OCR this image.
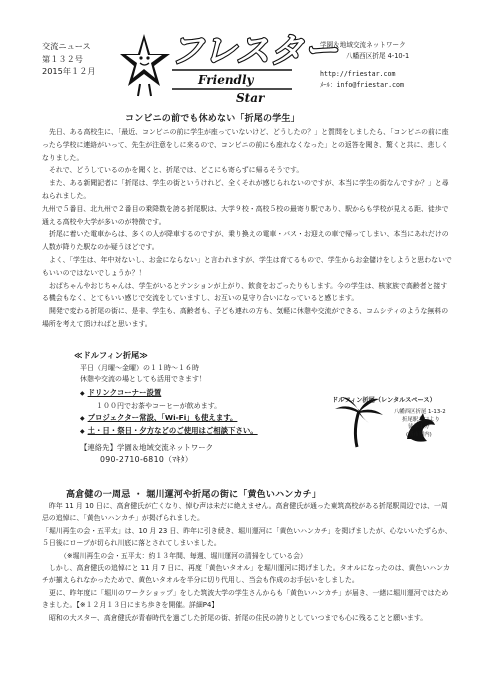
交流ニュース
第１３２号
2015年１２月 フレスター
Friendly
Star
学園＆地域交流ネットワーク
八幡西区折尾 4-10-1
http://friestar.com
ﾒｰﾙ：info@friestar.com
コンビニの前でも休めない「折尾の学生」

先日、ある高校生に、「最近、コンビニの前に学生が座っていないけど、どうしたの？」と質問をしましたら、「コンビニの前に座ったら学校に連絡がいって、先生が注意をしに来るので、コンビニの前にも座れなくなった」との返答を聞き、驚くと共に、悲しくなりました。

それで、どうしているのかを聞くと、折尾では、どこにも寄らずに帰るそうです。

また、ある新聞記者に「折尾は、学生の街というけれど、全くそれが感じられないのですが、本当に学生の街なんですか？」と尋ねられました。

九州で５番目、北九州で２番目の乗降数を誇る折尾駅は、大学９校・高校５校の最寄り駅であり、駅からも学校が見える距、徒歩で通える高校や大学が多いのが特徴です。

折尾に着いた電車からは、多くの人が降車するのですが、乗り換えの電車・バス・お迎えの車で帰ってしまい、本当にあれだけの人数が降りた駅なのか疑うほどです。

よく、「学生は、年中対ないし、お金にならない」と言われますが、学生は育てるもので、学生からお金儲けをしようと思わないでもいいのではないでしょうか？！

おばちゃんやおじちゃんは、学生がいるとテンションが上がり、飲食をおごったりもします。今の学生は、核家族で高齢者と接する機会もなく、とてもいい感じで交流をしていますし、お互いの見守り合いになっていると感じます。

開発で変わる折尾の街に、是非、学生も、高齢者も、子ども連れの方も、気軽に休憩や交流ができる、コムシティのような無料の場所を考えて頂ければと思います。

≪ドルフィン折尾≫
平日（月曜～金曜）の１１時～１６時
休憩や交流の場としても活用できます！
◆ ドリンクコーナー設置
１００円でお茶やコーヒーが飲めます。
◆ プロジェクター常設、「Wi-Fi」も使えます。
◆ 土・日・祭日・夕方などのご使用はご相談下さい。
【連絡先】学園＆地域交流ネットワーク
090-2710-6810（ﾏｷﾀ）
ドルフィン折尾（レンタルスペース）
八幡西区折尾 1-13-2
折尾駅北口より
徒歩１分
(新市場内)
高倉健の一周忌 ・ 堀川運河や折尾の街に「黄色いハンカチ」

昨年 11 月 10 日に、高倉健氏が亡くなり、悼む声は未だに絶えません。高倉健氏が通った東筑高校がある折尾駅周辺では、一周忌の追悼に、「黄色いハンカチ」が掲げられました。

「堀川再生の会・五平太」は、10 月 23 日、昨年に引き続き、堀川運河に「黄色いハンカチ」を掲げましたが、心ないいたずらか、５日後にロープが切られ川底に落とされてしまいました。

（※堀川再生の会・五平太：約１３年間、毎週、堀川運河の清掃をしている会）

しかし、高倉健氏の追悼にと 11 月 7 日に、再度「黄色いタオル」を堀川運河に掲げました。タオルになったのは、黄色いハンカチが揃えられなかったためで、黄色いタオルを半分に切り代用し、当会も作成のお手伝いをしました。

更に、昨年度に「堀川のワークショップ」をした筑波大学の学生さんからも「黄色いハンカチ」が届き、一緒に堀川運河ではためきました。【※１２月１３日にまち歩きを開催。詳細P4】

昭和の大スター、高倉健氏が青春時代を過ごした折尾の街、折尾の住民の誇りとしていつまでも心に残ることと願います。
